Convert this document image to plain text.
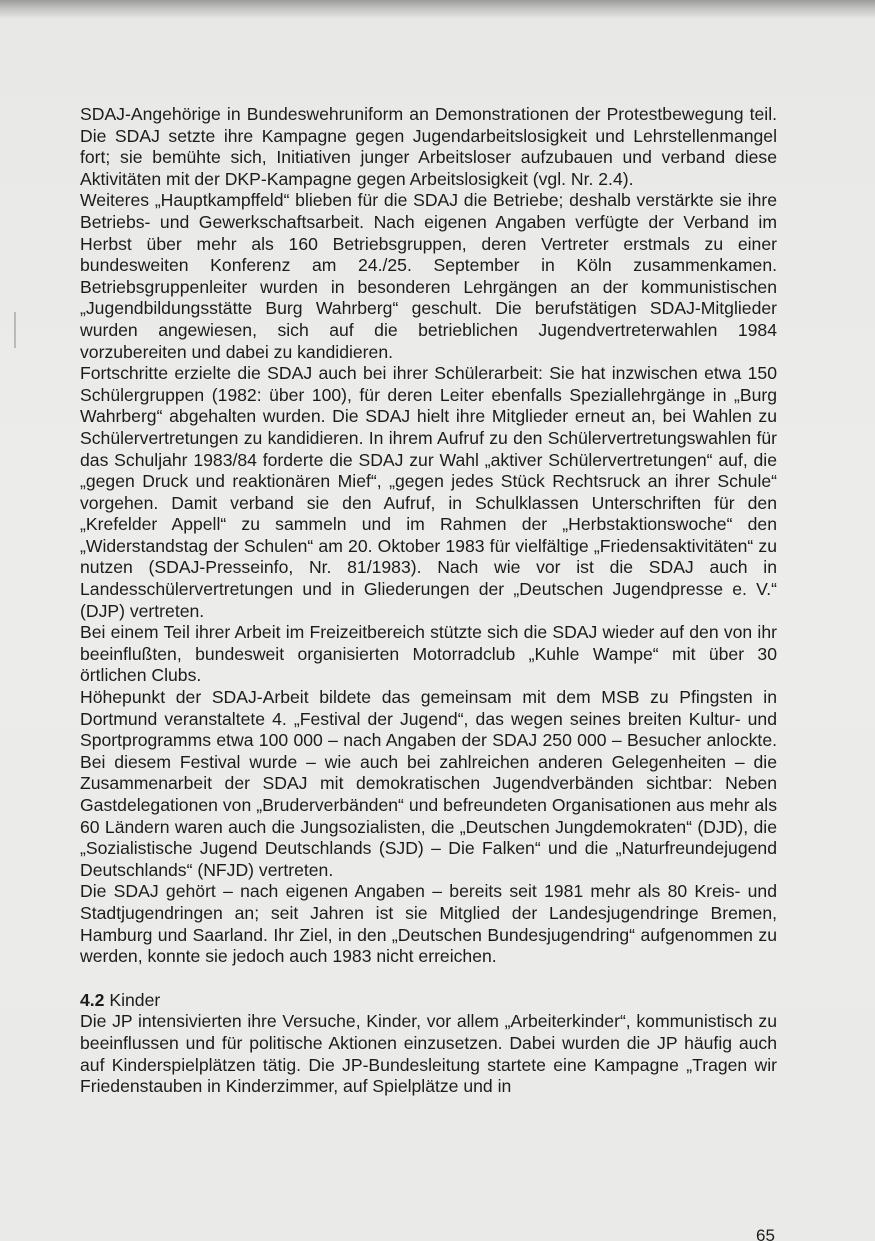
SDAJ-Angehörige in Bundeswehruniform an Demonstrationen der Protestbewegung teil. Die SDAJ setzte ihre Kampagne gegen Jugendarbeitslosigkeit und Lehrstellenmangel fort; sie bemühte sich, Initiativen junger Arbeitsloser aufzubauen und verband diese Aktivitäten mit der DKP-Kampagne gegen Arbeitslosigkeit (vgl. Nr. 2.4).

Weiteres „Hauptkampffeld“ blieben für die SDAJ die Betriebe; deshalb verstärkte sie ihre Betriebs- und Gewerkschaftsarbeit. Nach eigenen Angaben verfügte der Verband im Herbst über mehr als 160 Betriebsgruppen, deren Vertreter erstmals zu einer bundesweiten Konferenz am 24./25. September in Köln zusammenkamen. Betriebsgruppenleiter wurden in besonderen Lehrgängen an der kommunistischen „Jugendbildungsstätte Burg Wahrberg“ geschult. Die berufstätigen SDAJ-Mitglieder wurden angewiesen, sich auf die betrieblichen Jugendvertreterwahlen 1984 vorzubereiten und dabei zu kandidieren.

Fortschritte erzielte die SDAJ auch bei ihrer Schülerarbeit: Sie hat inzwischen etwa 150 Schülergruppen (1982: über 100), für deren Leiter ebenfalls Speziallehrgänge in „Burg Wahrberg“ abgehalten wurden. Die SDAJ hielt ihre Mitglieder erneut an, bei Wahlen zu Schülervertretungen zu kandidieren. In ihrem Aufruf zu den Schülervertretungswahlen für das Schuljahr 1983/84 forderte die SDAJ zur Wahl „aktiver Schülervertretungen“ auf, die „gegen Druck und reaktionären Mief“, „gegen jedes Stück Rechtsruck an ihrer Schule“ vorgehen. Damit verband sie den Aufruf, in Schulklassen Unterschriften für den „Krefelder Appell“ zu sammeln und im Rahmen der „Herbstaktionswoche“ den „Widerstandstag der Schulen“ am 20. Oktober 1983 für vielfältige „Friedensaktivitäten“ zu nutzen (SDAJ-Presseinfo, Nr. 81/1983). Nach wie vor ist die SDAJ auch in Landesschülervertretungen und in Gliederungen der „Deutschen Jugendpresse e. V.“ (DJP) vertreten.

Bei einem Teil ihrer Arbeit im Freizeitbereich stützte sich die SDAJ wieder auf den von ihr beeinflußten, bundesweit organisierten Motorradclub „Kuhle Wampe“ mit über 30 örtlichen Clubs.

Höhepunkt der SDAJ-Arbeit bildete das gemeinsam mit dem MSB zu Pfingsten in Dortmund veranstaltete 4. „Festival der Jugend“, das wegen seines breiten Kultur- und Sportprogramms etwa 100 000 – nach Angaben der SDAJ 250 000 – Besucher anlockte. Bei diesem Festival wurde – wie auch bei zahlreichen anderen Gelegenheiten – die Zusammenarbeit der SDAJ mit demokratischen Jugendverbänden sichtbar: Neben Gastdelegationen von „Bruderverbänden“ und befreundeten Organisationen aus mehr als 60 Ländern waren auch die Jungsozialisten, die „Deutschen Jungdemokraten“ (DJD), die „Sozialistische Jugend Deutschlands (SJD) – Die Falken“ und die „Naturfreundejugend Deutschlands“ (NFJD) vertreten.

Die SDAJ gehört – nach eigenen Angaben – bereits seit 1981 mehr als 80 Kreis- und Stadtjugendringen an; seit Jahren ist sie Mitglied der Landesjugendringe Bremen, Hamburg und Saarland. Ihr Ziel, in den „Deutschen Bundesjugendring“ aufgenommen zu werden, konnte sie jedoch auch 1983 nicht erreichen.

4.2 Kinder

Die JP intensivierten ihre Versuche, Kinder, vor allem „Arbeiterkinder“, kommunistisch zu beeinflussen und für politische Aktionen einzusetzen. Dabei wurden die JP häufig auch auf Kinderspielplätzen tätig. Die JP-Bundesleitung startete eine Kampagne „Tragen wir Friedenstauben in Kinderzimmer, auf Spielplätze und in

65
